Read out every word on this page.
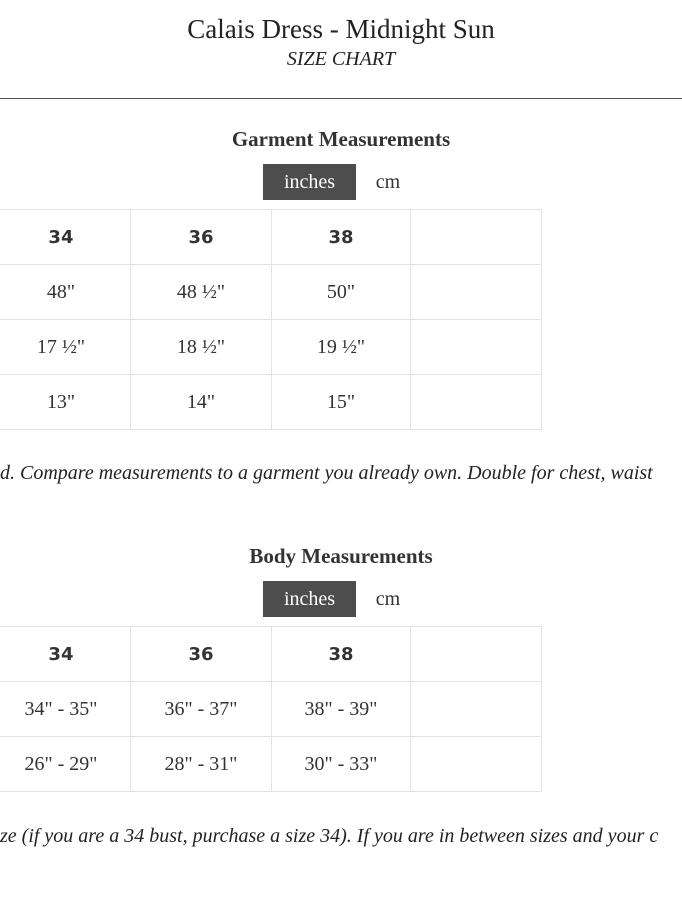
Calais Dress - Midnight Sun
SIZE CHART
Garment Measurements
inches	cm
	34	36	38	
	48"	48 ½"	50"	
	17 ½"	18 ½"	19 ½"	
	13"	14"	15"	
d. Compare measurements to a garment you already own. Double for chest, waist
Body Measurements
inches	cm
	34	36	38	
	34" - 35"	36" - 37"	38" - 39"	
	26" - 29"	28" - 31"	30" - 33"	
ze (if you are a 34 bust, purchase a size 34). If you are in between sizes and your c
